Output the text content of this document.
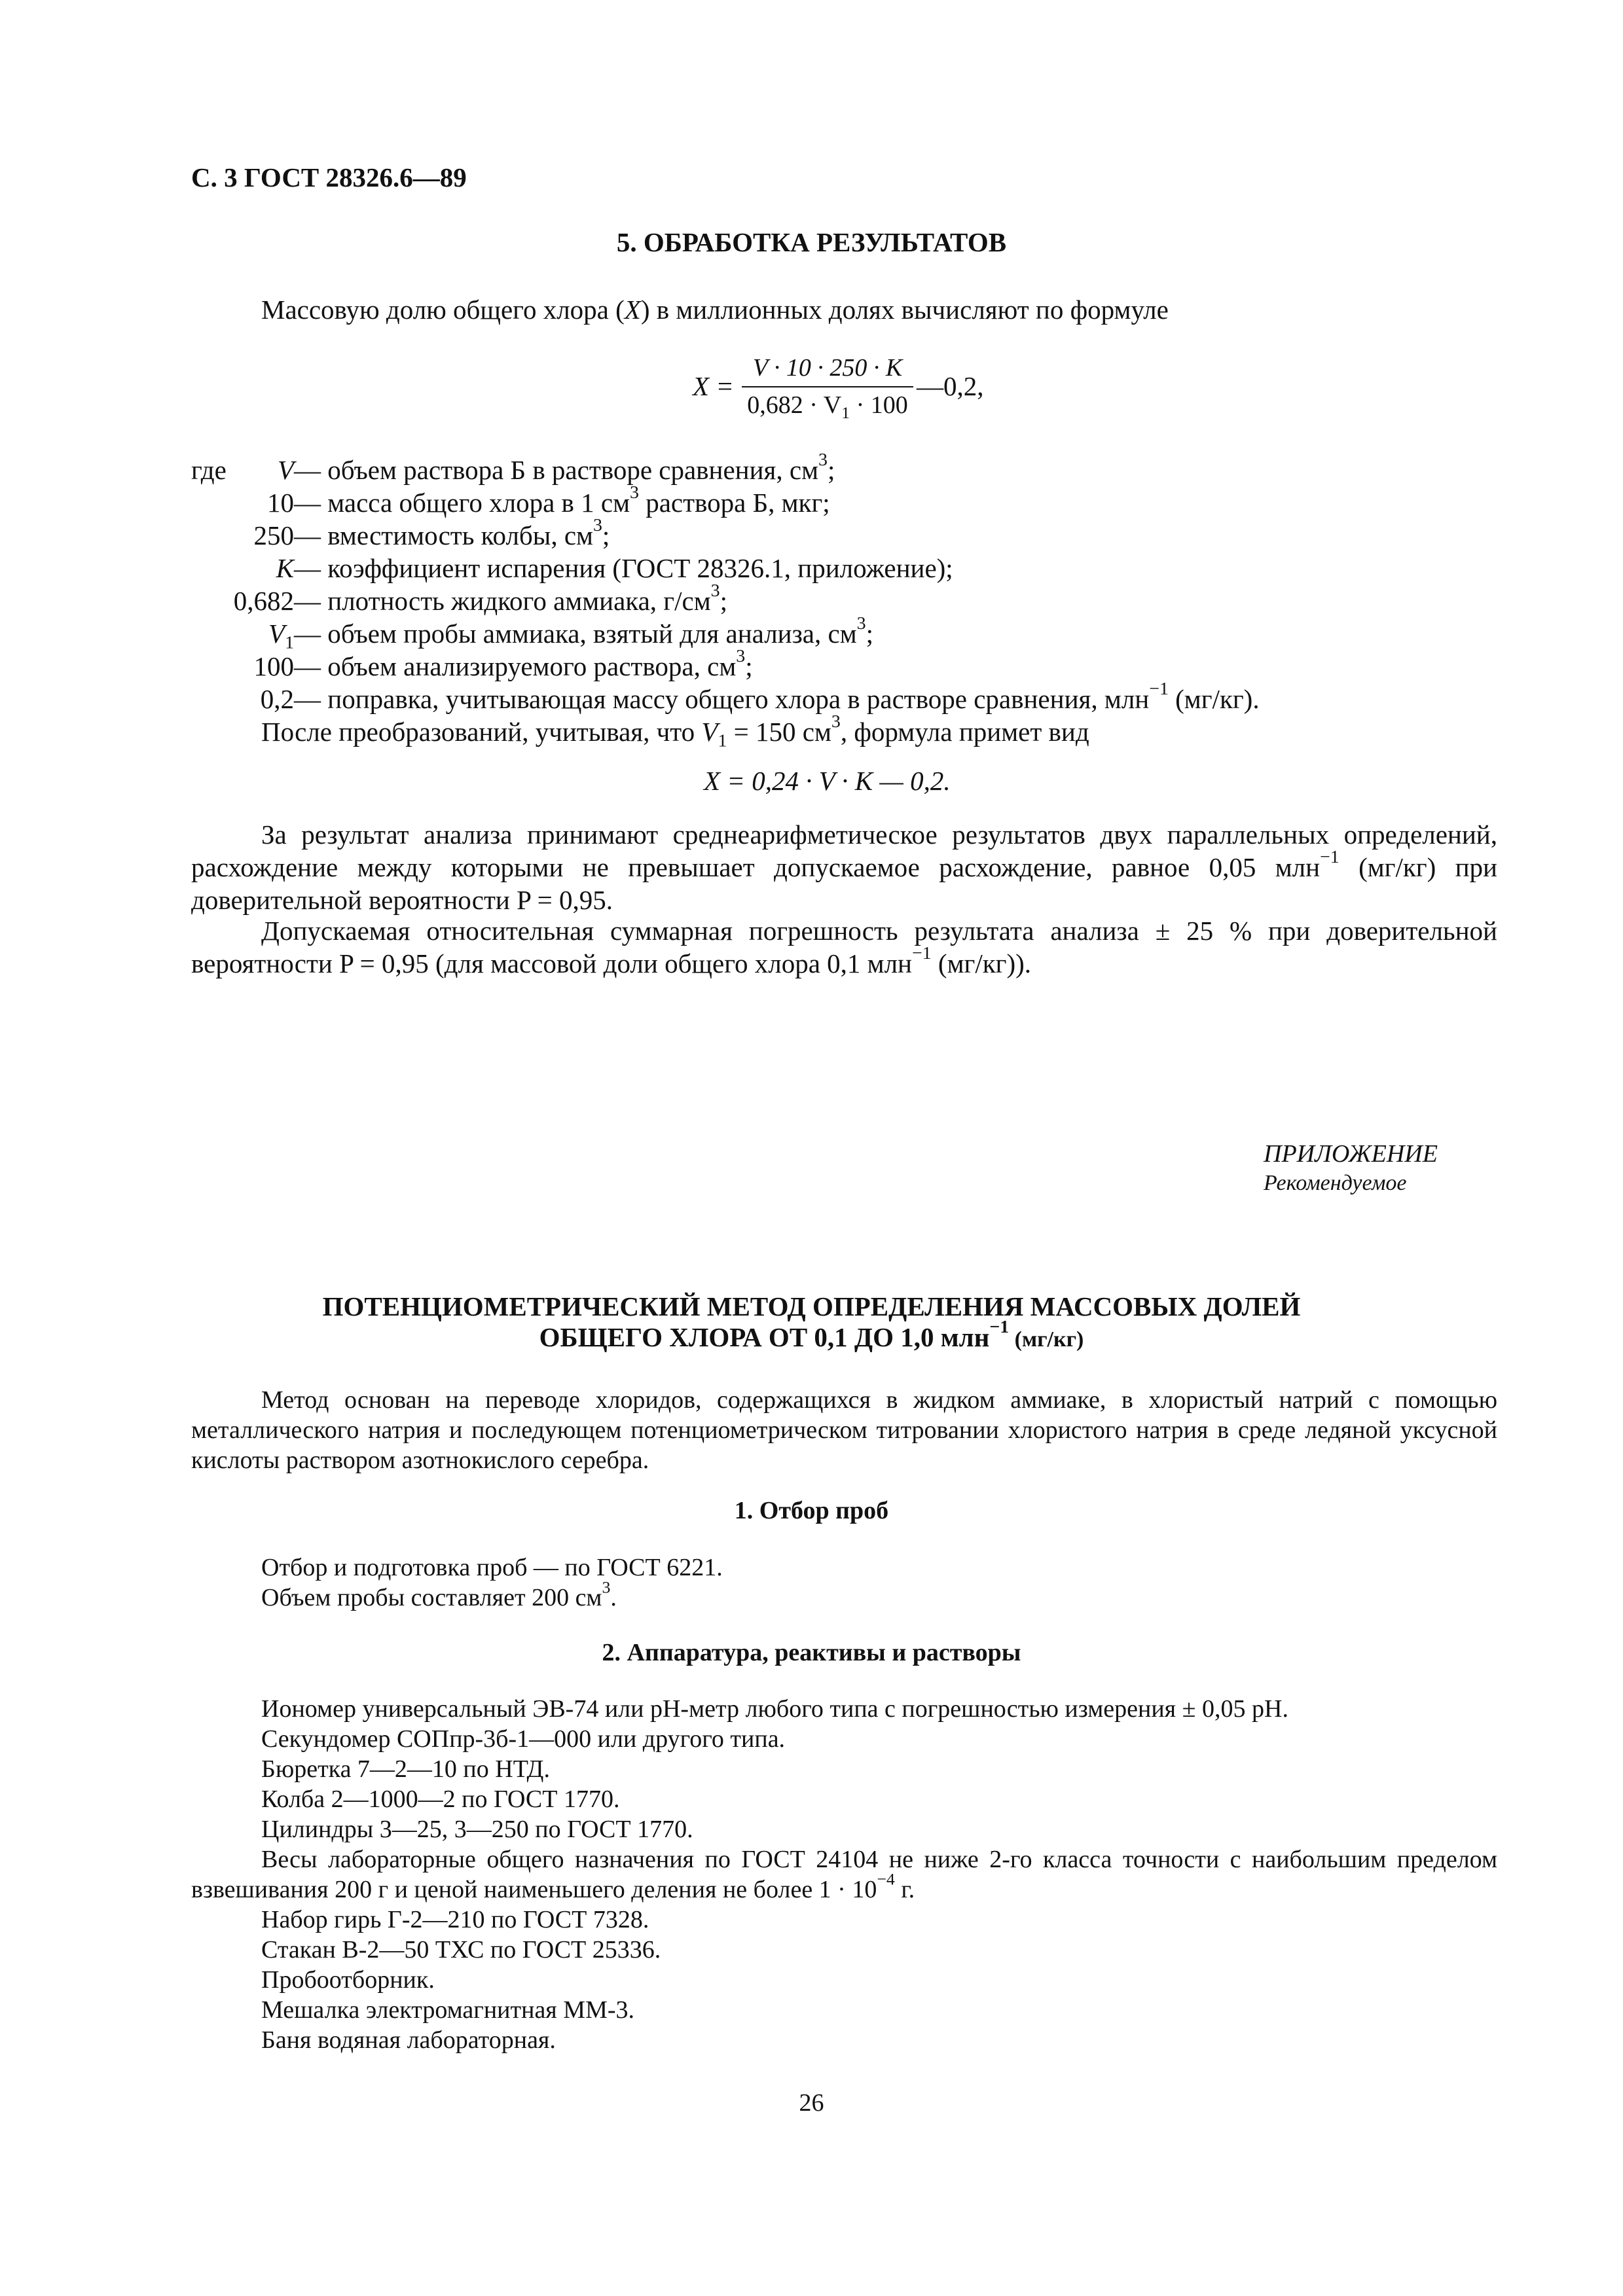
С. 3 ГОСТ 28326.6—89
5. ОБРАБОТКА РЕЗУЛЬТАТОВ
Массовую долю общего хлора (X) в миллионных долях вычисляют по формуле
X =
V · 10 · 250 · K
$0,682 \cdot V_1 \cdot 100$
—0,2,
где V — объем раствора Б в растворе сравнения, $см^3$;
10 — масса общего хлора в 1 $см^3$ раствора Б, мкг;
250 — вместимость колбы, $см^3$;
K — коэффициент испарения (ГОСТ 28326.1, приложение);
0,682 — плотность жидкого аммиака, $г/см^3$;
$V_1$ — объем пробы аммиака, взятый для анализа, $см^3$;
100 — объем анализируемого раствора, $см^3$;
0,2 — поправка, учитывающая массу общего хлора в растворе сравнения, млн$^{-1}$ (мг/кг).
После преобразований, учитывая, что $V_1 = 150$ $см^3$, формула примет вид
X = 0,24 · V · K — 0,2.
За результат анализа принимают среднеарифметическое результатов двух параллельных определений, расхождение между которыми не превышает допускаемое расхождение, равное 0,05 млн$^{-1}$ (мг/кг) при доверительной вероятности P = 0,95.
Допускаемая относительная суммарная погрешность результата анализа ± 25 % при доверительной вероятности P = 0,95 (для массовой доли общего хлора 0,1 млн$^{-1}$ (мг/кг)).
ПРИЛОЖЕНИЕ
Рекомендуемое
ПОТЕНЦИОМЕТРИЧЕСКИЙ МЕТОД ОПРЕДЕЛЕНИЯ МАССОВЫХ ДОЛЕЙ
ОБЩЕГО ХЛОРА ОТ 0,1 ДО 1,0 млн$^{-1}$ (мг/кг)
Метод основан на переводе хлоридов, содержащихся в жидком аммиаке, в хлористый натрий с помощью металлического натрия и последующем потенциометрическом титровании хлористого натрия в среде ледяной уксусной кислоты раствором азотнокислого серебра.
1. Отбор проб
Отбор и подготовка проб — по ГОСТ 6221.
Объем пробы составляет 200 $см^3$.
2. Аппаратура, реактивы и растворы
Иономер универсальный ЭВ-74 или pH-метр любого типа с погрешностью измерения ± 0,05 pH.
Секундомер СОПпр-3б-1—000 или другого типа.
Бюретка 7—2—10 по НТД.
Колба 2—1000—2 по ГОСТ 1770.
Цилиндры 3—25, 3—250 по ГОСТ 1770.
Весы лабораторные общего назначения по ГОСТ 24104 не ниже 2-го класса точности с наибольшим пределом взвешивания 200 г и ценой наименьшего деления не более $1 \cdot 10^{-4}$ г.
Набор гирь Г-2—210 по ГОСТ 7328.
Стакан В-2—50 ТХС по ГОСТ 25336.
Пробоотборник.
Мешалка электромагнитная ММ-3.
Баня водяная лабораторная.
26
